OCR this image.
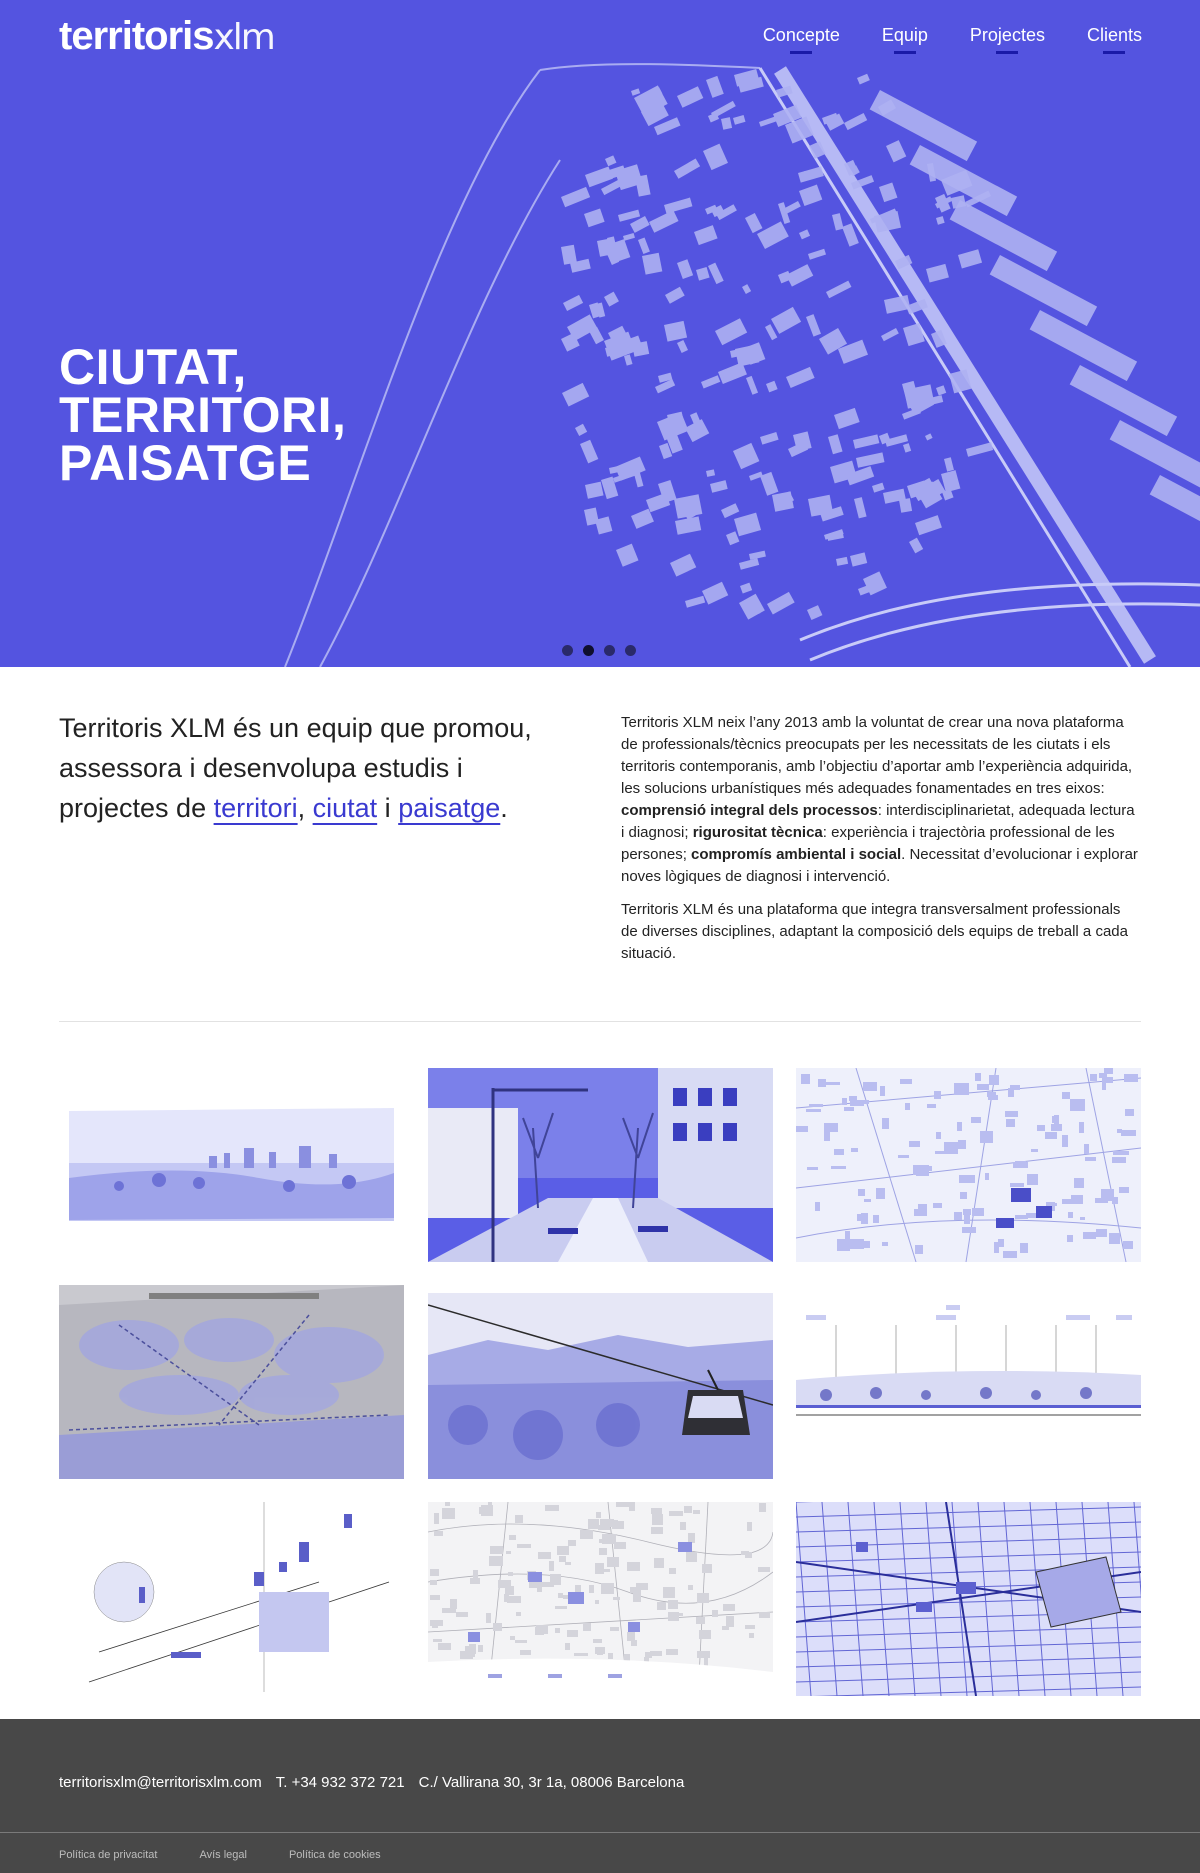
territorisxlm	Concepte Equip Projectes Clients
CIUTAT,
TERRITORI,
PAISATGE

Territoris XLM és un equip que promou, assessora i desenvolupa estudis i projectes de territori, ciutat i paisatge.

Territoris XLM neix l’any 2013 amb la voluntat de crear una nova plataforma de professionals/tècnics preocupats per les necessitats de les ciutats i els territoris contemporanis, amb l’objectiu d’aportar amb l’experiència adquirida, les solucions urbanístiques més adequades fonamentades en tres eixos: comprensió integral dels processos: interdisciplinarietat, adequada lectura i diagnosi; rigurositat tècnica: experiència i trajectòria professional de les persones; compromís ambiental i social. Necessitat d’evolucionar i explorar noves lògiques de diagnosi i intervenció.

Territoris XLM és una plataforma que integra transversalment professionals de diverses disciplines, adaptant la composició dels equips de treball a cada situació.

territorisxlm@territorisxlm.com T. +34 932 372 721 C./ Vallirana 30, 3r 1a, 08006 Barcelona
Política de privacitat	Avís legal	Política de cookies
